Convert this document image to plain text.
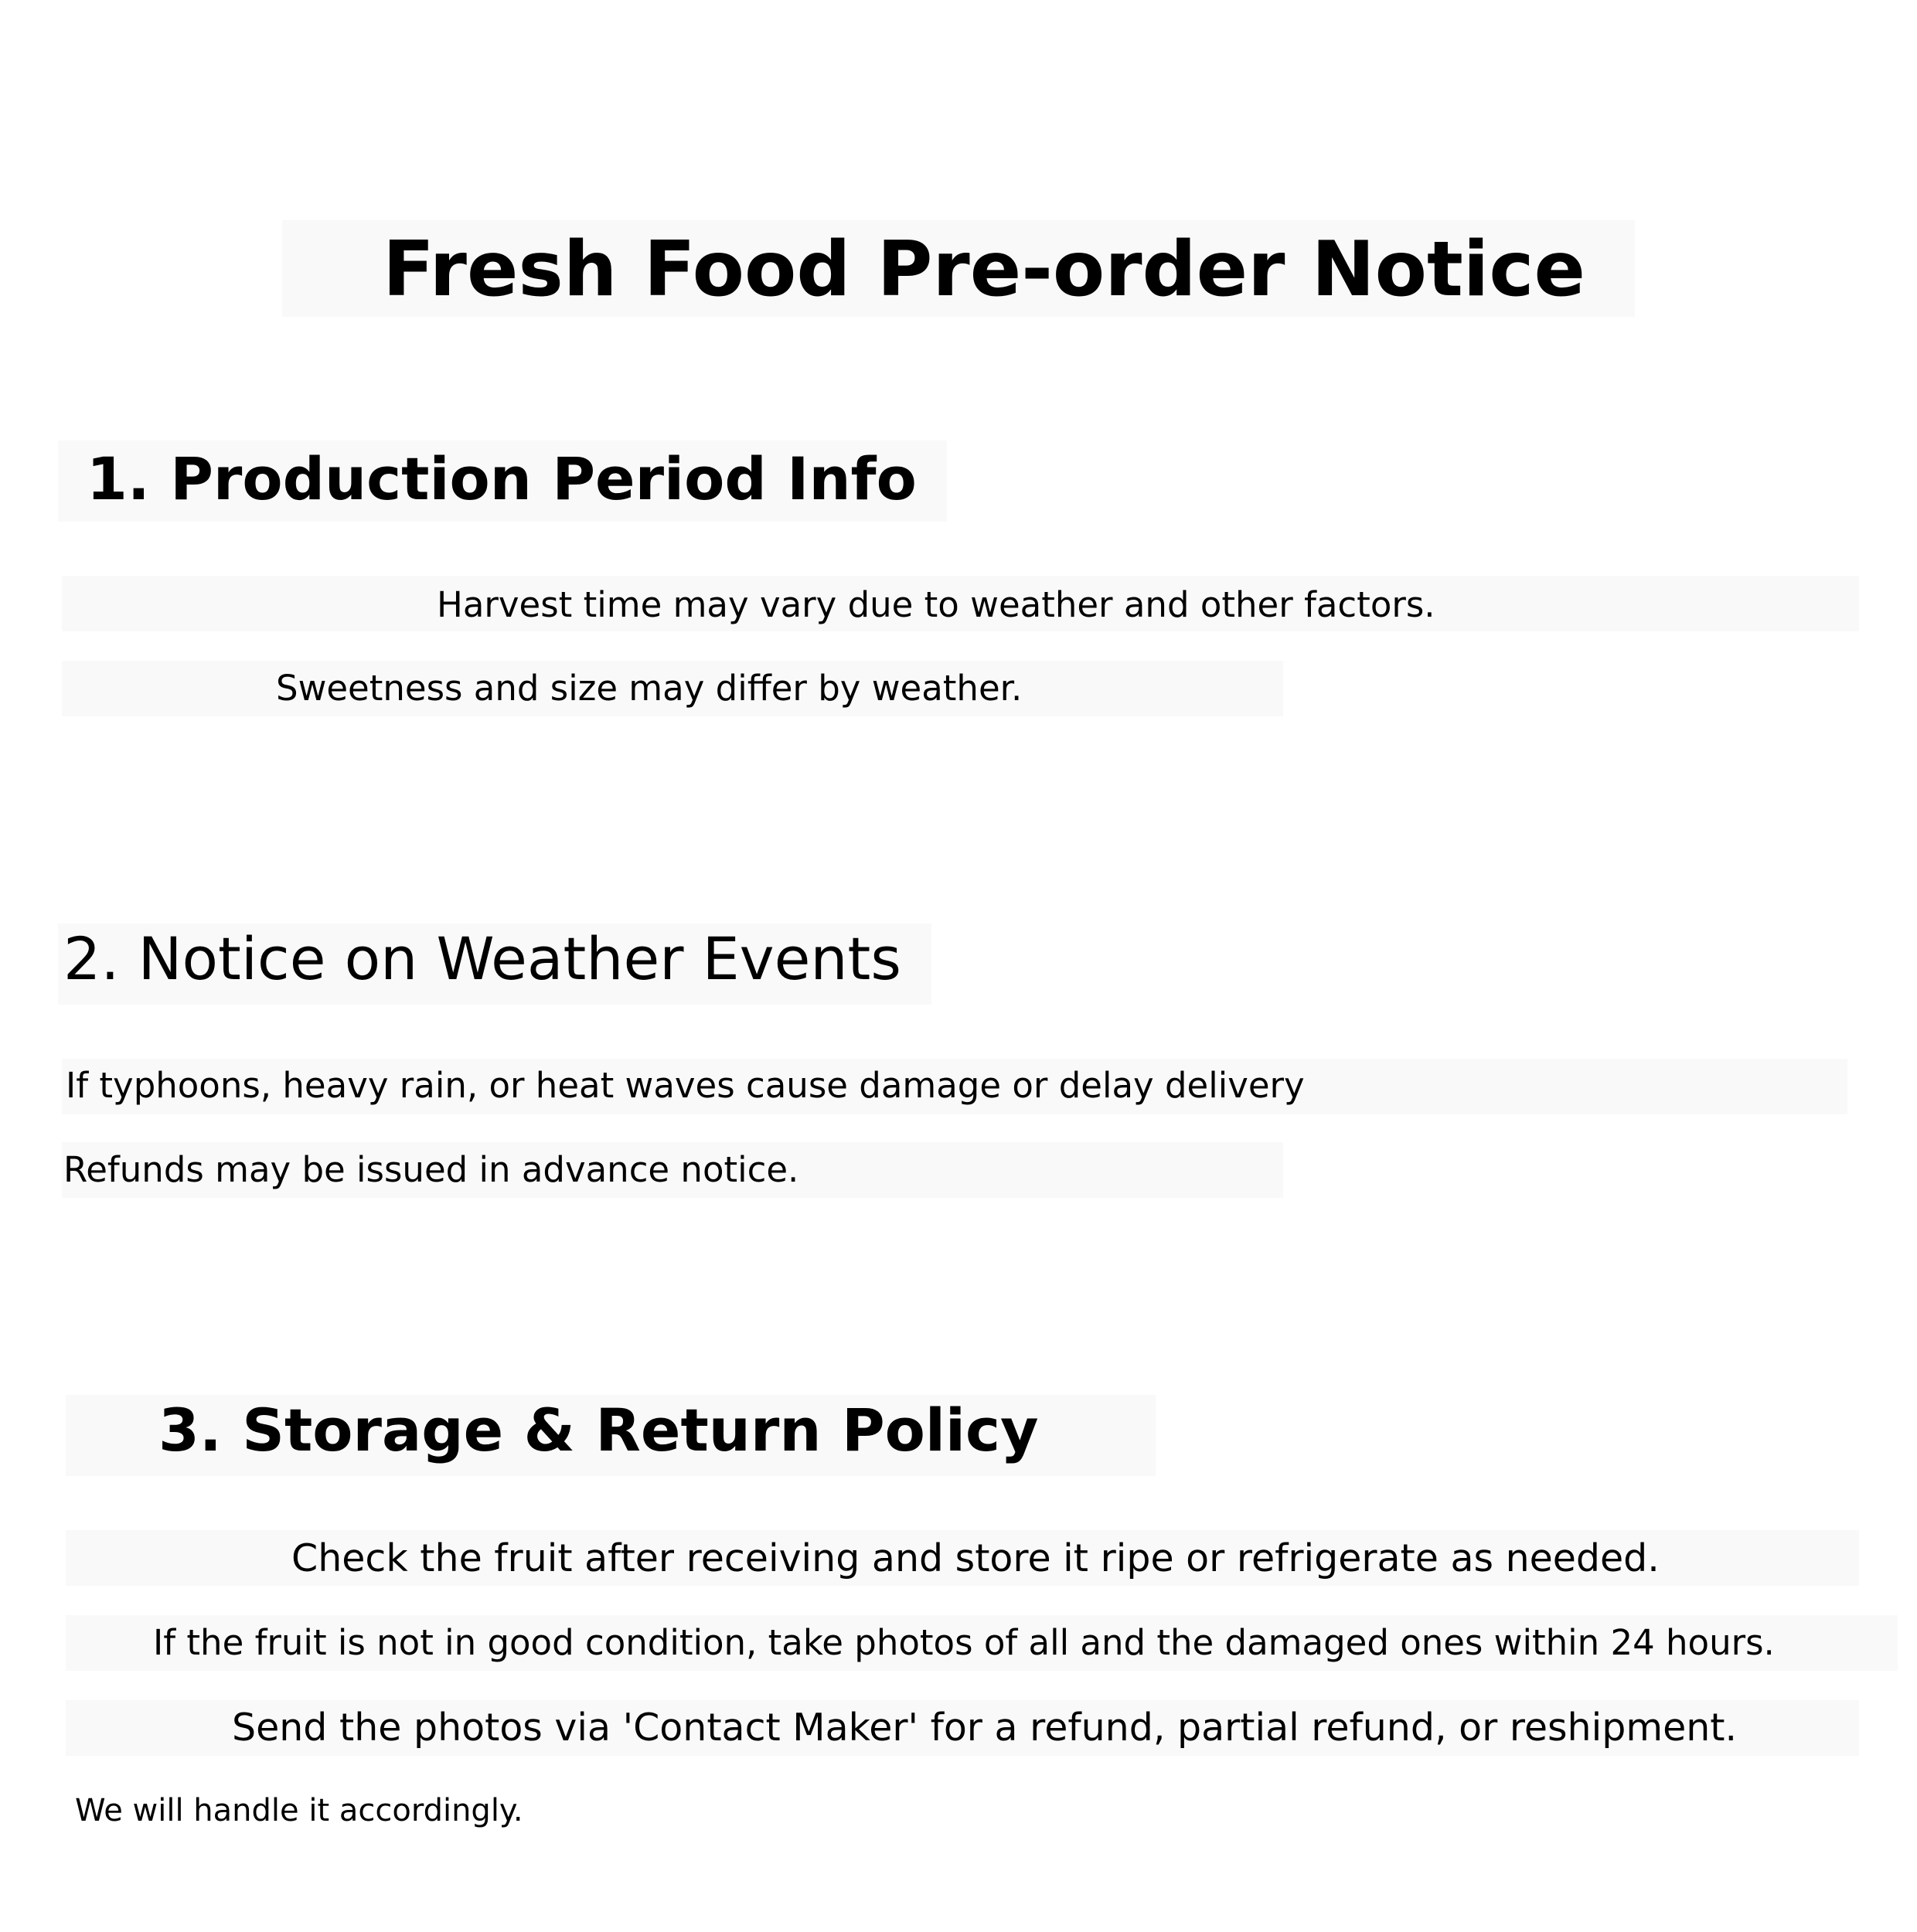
Fresh Food Pre-order Notice
1. Production Period Info

Harvest time may vary due to weather and other factors.

Sweetness and size may differ by weather.

2. Notice on Weather Events

If typhoons, heavy rain, or heat waves cause damage or delay delivery

Refunds may be issued in advance notice.

3. Storage & Return Policy

Check the fruit after receiving and store it ripe or refrigerate as needed.

If the fruit is not in good condition, take photos of all and the damaged ones within 24 hours.

Send the photos via 'Contact Maker' for a refund, partial refund, or reshipment.

We will handle it accordingly.
